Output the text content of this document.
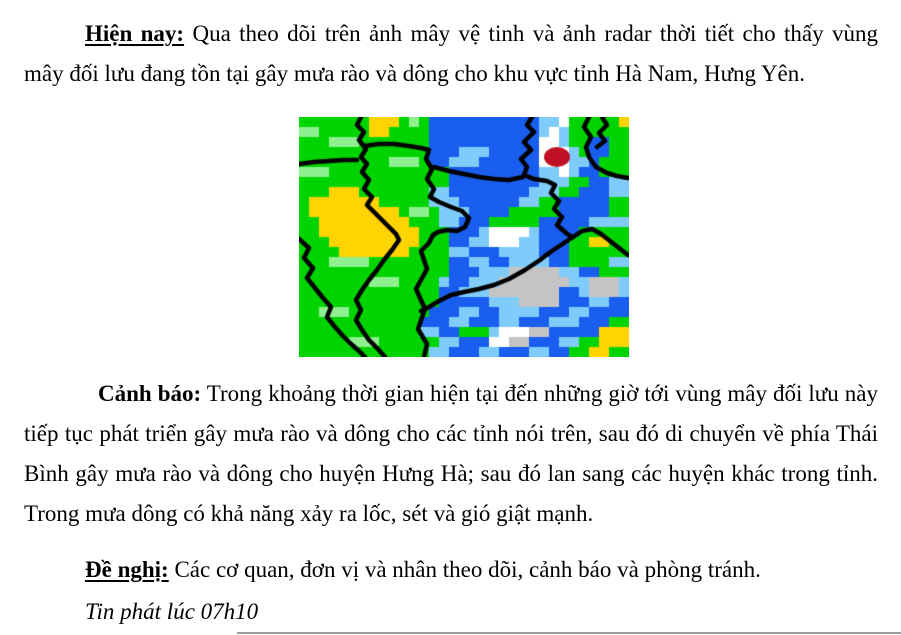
Hiện nay: Qua theo dõi trên ảnh mây vệ tinh và ảnh radar thời tiết cho thấy vùng mây đối lưu đang tồn tại gây mưa rào và dông cho khu vực tỉnh Hà Nam, Hưng Yên.

Cảnh báo: Trong khoảng thời gian hiện tại đến những giờ tới vùng mây đối lưu này tiếp tục phát triển gây mưa rào và dông cho các tỉnh nói trên, sau đó di chuyển về phía Thái Bình gây mưa rào và dông cho huyện Hưng Hà; sau đó lan sang các huyện khác trong tỉnh. Trong mưa dông có khả năng xảy ra lốc, sét và gió giật mạnh.

Đề nghị: Các cơ quan, đơn vị và nhân theo dõi, cảnh báo và phòng tránh.

Tin phát lúc 07h10
